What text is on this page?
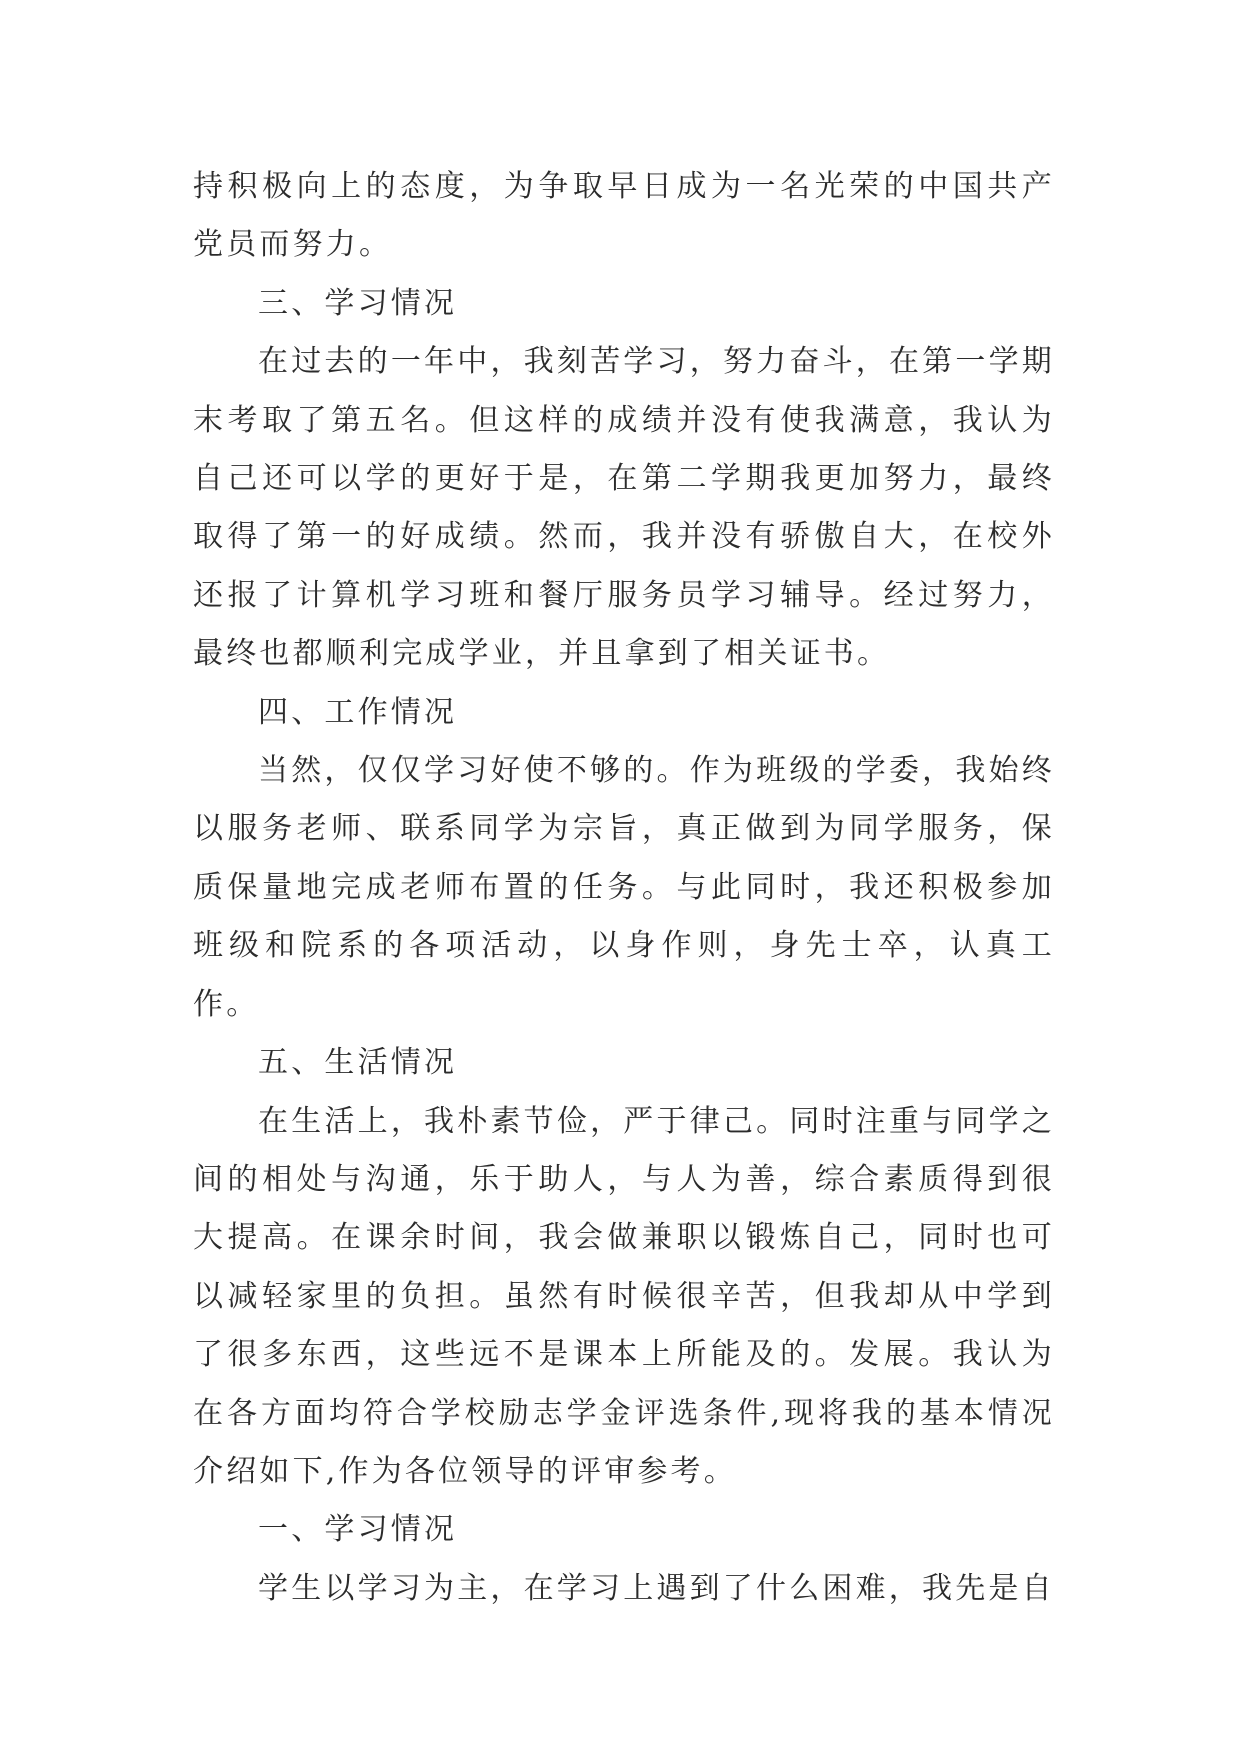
持积极向上的态度，为争取早日成为一名光荣的中国共产党员而努力。

三、学习情况

在过去的一年中，我刻苦学习，努力奋斗，在第一学期末考取了第五名。但这样的成绩并没有使我满意，我认为自己还可以学的更好于是，在第二学期我更加努力，最终取得了第一的好成绩。然而，我并没有骄傲自大，在校外还报了计算机学习班和餐厅服务员学习辅导。经过努力，最终也都顺利完成学业，并且拿到了相关证书。

四、工作情况

当然，仅仅学习好使不够的。作为班级的学委，我始终以服务老师、联系同学为宗旨，真正做到为同学服务，保质保量地完成老师布置的任务。与此同时，我还积极参加班级和院系的各项活动，以身作则，身先士卒，认真工作。

五、生活情况

在生活上，我朴素节俭，严于律己。同时注重与同学之间的相处与沟通，乐于助人，与人为善，综合素质得到很大提高。在课余时间，我会做兼职以锻炼自己，同时也可以减轻家里的负担。虽然有时候很辛苦，但我却从中学到了很多东西，这些远不是课本上所能及的。发展。我认为在各方面均符合学校励志学金评选条件,现将我的基本情况介绍如下,作为各位领导的评审参考。

一、学习情况

学生以学习为主，在学习上遇到了什么困难，我先是自
